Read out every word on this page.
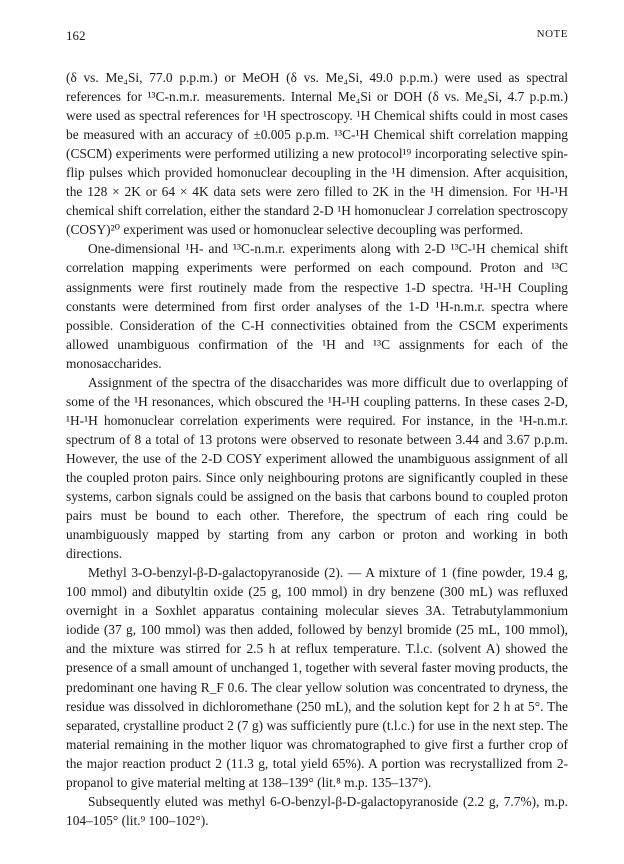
162	NOTE

(δ vs. Me₄Si, 77.0 p.p.m.) or MeOH (δ vs. Me₄Si, 49.0 p.p.m.) were used as spectral references for ¹³C-n.m.r. measurements. Internal Me₄Si or DOH (δ vs. Me₄Si, 4.7 p.p.m.) were used as spectral references for ¹H spectroscopy. ¹H Chemical shifts could in most cases be measured with an accuracy of ±0.005 p.p.m. ¹³C-¹H Chemical shift correlation mapping (CSCM) experiments were performed utilizing a new protocol¹⁹ incorporating selective spin-flip pulses which provided homonuclear decoupling in the ¹H dimension. After acquisition, the 128 × 2K or 64 × 4K data sets were zero filled to 2K in the ¹H dimension. For ¹H-¹H chemical shift correlation, either the standard 2-D ¹H homonuclear J correlation spectroscopy (COSY)²⁰ experiment was used or homonuclear selective decoupling was performed.

One-dimensional ¹H- and ¹³C-n.m.r. experiments along with 2-D ¹³C-¹H chemical shift correlation mapping experiments were performed on each compound. Proton and ¹³C assignments were first routinely made from the respective 1-D spectra. ¹H-¹H Coupling constants were determined from first order analyses of the 1-D ¹H-n.m.r. spectra where possible. Consideration of the C-H connectivities obtained from the CSCM experiments allowed unambiguous confirmation of the ¹H and ¹³C assignments for each of the monosaccharides.

Assignment of the spectra of the disaccharides was more difficult due to overlapping of some of the ¹H resonances, which obscured the ¹H-¹H coupling patterns. In these cases 2-D, ¹H-¹H homonuclear correlation experiments were required. For instance, in the ¹H-n.m.r. spectrum of 8 a total of 13 protons were observed to resonate between 3.44 and 3.67 p.p.m. However, the use of the 2-D COSY experiment allowed the unambiguous assignment of all the coupled proton pairs. Since only neighbouring protons are significantly coupled in these systems, carbon signals could be assigned on the basis that carbons bound to coupled proton pairs must be bound to each other. Therefore, the spectrum of each ring could be unambiguously mapped by starting from any carbon or proton and working in both directions.

Methyl 3-O-benzyl-β-D-galactopyranoside (2). — A mixture of 1 (fine powder, 19.4 g, 100 mmol) and dibutyltin oxide (25 g, 100 mmol) in dry benzene (300 mL) was refluxed overnight in a Soxhlet apparatus containing molecular sieves 3A. Tetrabutylammonium iodide (37 g, 100 mmol) was then added, followed by benzyl bromide (25 mL, 100 mmol), and the mixture was stirred for 2.5 h at reflux temperature. T.l.c. (solvent A) showed the presence of a small amount of unchanged 1, together with several faster moving products, the predominant one having R_F 0.6. The clear yellow solution was concentrated to dryness, the residue was dissolved in dichloromethane (250 mL), and the solution kept for 2 h at 5°. The separated, crystalline product 2 (7 g) was sufficiently pure (t.l.c.) for use in the next step. The material remaining in the mother liquor was chromatographed to give first a further crop of the major reaction product 2 (11.3 g, total yield 65%). A portion was recrystallized from 2-propanol to give material melting at 138–139° (lit.⁸ m.p. 135–137°).

Subsequently eluted was methyl 6-O-benzyl-β-D-galactopyranoside (2.2 g, 7.7%), m.p. 104–105° (lit.⁹ 100–102°).
